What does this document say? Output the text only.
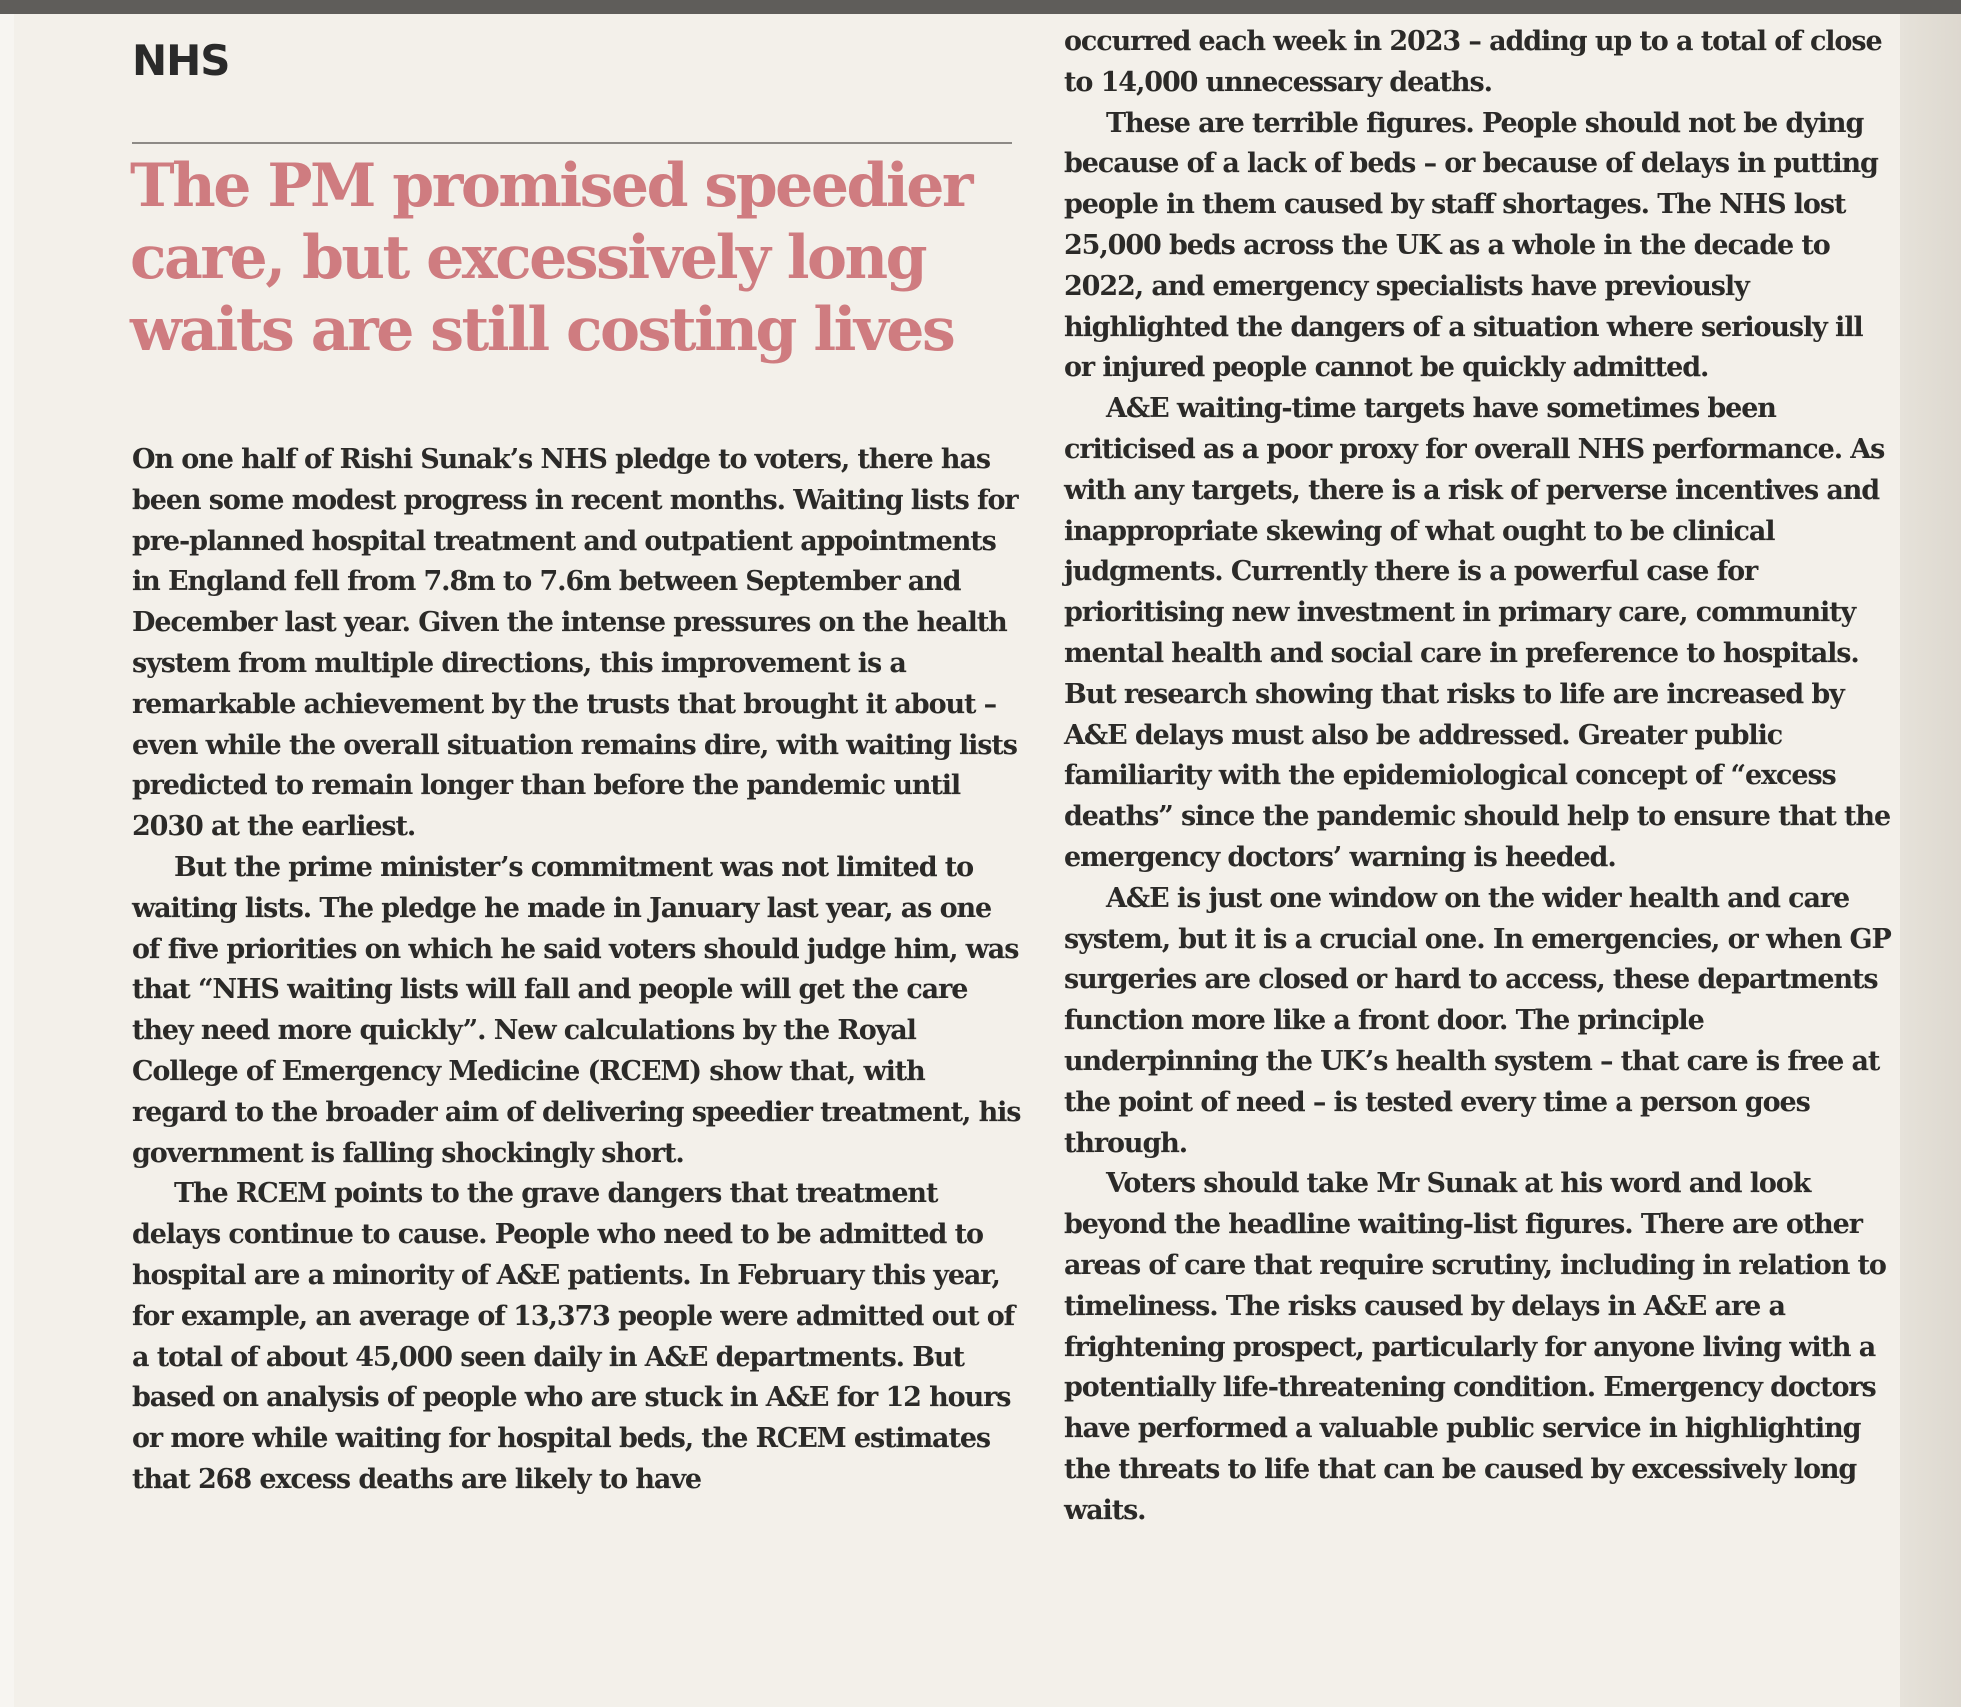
NHS
The PM promised speedier care, but excessively long waits are still costing lives

On one half of Rishi Sunak’s NHS pledge to voters, there has been some modest progress in recent months. Waiting lists for pre-planned hospital treatment and outpatient appointments in England fell from 7.8m to 7.6m between September and December last year. Given the intense pressures on the health system from multiple directions, this improvement is a remarkable achievement by the trusts that brought it about – even while the overall situation remains dire, with waiting lists predicted to remain longer than before the pandemic until 2030 at the earliest.

But the prime minister’s commitment was not limited to waiting lists. The pledge he made in January last year, as one of five priorities on which he said voters should judge him, was that “NHS waiting lists will fall and people will get the care they need more quickly”. New calculations by the Royal College of Emergency Medicine (RCEM) show that, with regard to the broader aim of delivering speedier treatment, his government is falling shockingly short.

The RCEM points to the grave dangers that treatment delays continue to cause. People who need to be admitted to hospital are a minority of A&E patients. In February this year, for example, an average of 13,373 people were admitted out of a total of about 45,000 seen daily in A&E departments. But based on analysis of people who are stuck in A&E for 12 hours or more while waiting for hospital beds, the RCEM estimates that 268 excess deaths are likely to have

occurred each week in 2023 – adding up to a total of close to 14,000 unnecessary deaths.

These are terrible figures. People should not be dying because of a lack of beds – or because of delays in putting people in them caused by staff shortages. The NHS lost 25,000 beds across the UK as a whole in the decade to 2022, and emergency specialists have previously highlighted the dangers of a situation where seriously ill or injured people cannot be quickly admitted.

A&E waiting-time targets have sometimes been criticised as a poor proxy for overall NHS performance. As with any targets, there is a risk of perverse incentives and inappropriate skewing of what ought to be clinical judgments. Currently there is a powerful case for prioritising new investment in primary care, community mental health and social care in preference to hospitals. But research showing that risks to life are increased by A&E delays must also be addressed. Greater public familiarity with the epidemiological concept of “excess deaths” since the pandemic should help to ensure that the emergency doctors’ warning is heeded.

A&E is just one window on the wider health and care system, but it is a crucial one. In emergencies, or when GP surgeries are closed or hard to access, these departments function more like a front door. The principle underpinning the UK’s health system – that care is free at the point of need – is tested every time a person goes through.

Voters should take Mr Sunak at his word and look beyond the headline waiting-list figures. There are other areas of care that require scrutiny, including in relation to timeliness. The risks caused by delays in A&E are a frightening prospect, particularly for anyone living with a potentially life-threatening condition. Emergency doctors have performed a valuable public service in highlighting the threats to life that can be caused by excessively long waits.
